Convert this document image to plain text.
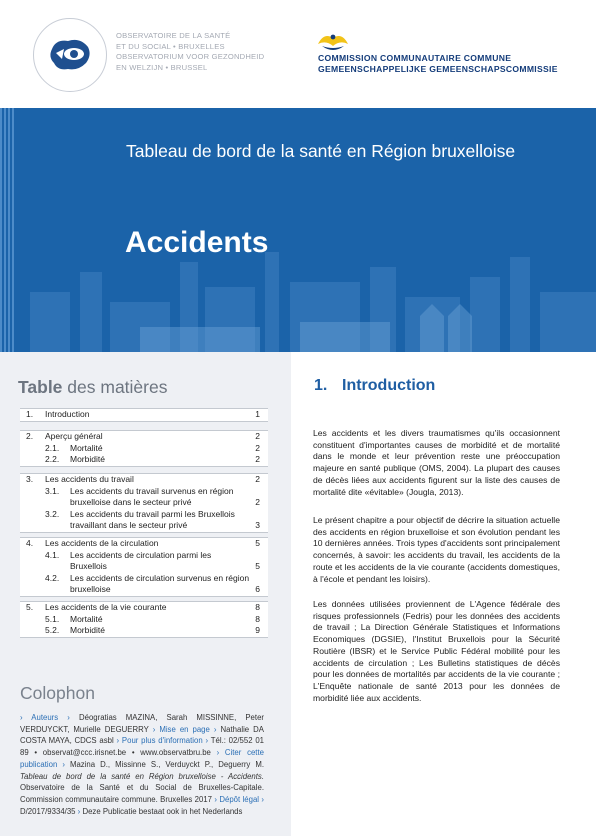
OBSERVATOIRE DE LA SANTÉ
ET DU SOCIAL • BRUXELLES
OBSERVATORIUM VOOR GEZONDHEID
EN WELZIJN • BRUSSEL
COMMISSION COMMUNAUTAIRE COMMUNE
GEMEENSCHAPPELIJKE GEMEENSCHAPSCOMMISSIE
Tableau de bord de la santé en Région bruxelloise
Accidents
Table des matières
1.	Introduction	1
2.	Aperçu général	2
2.1.	Mortalité	2
2.2.	Morbidité	2
3.	Les accidents du travail	2
3.1.	Les accidents du travail survenus en région bruxelloise dans le secteur privé	2
3.2.	Les accidents du travail parmi les Bruxellois travaillant dans le secteur privé	3
4.	Les accidents de la circulation	5
4.1.	Les accidents de circulation parmi les Bruxellois	5
4.2.	Les accidents de circulation survenus en région bruxelloise	6
5.	Les accidents de la vie courante	8
5.1.	Mortalité	8
5.2.	Morbidité	9
Colophon
› Auteurs › Déogratias MAZINA, Sarah MISSINNE, Peter VERDUYCKT, Murielle DEGUERRY › Mise en page › Nathalie DA COSTA MAYA, CDCS asbl › Pour plus d'information › Tél.: 02/552 01 89 • observat@ccc.irisnet.be • www.observatbru.be › Citer cette publication › Mazina D., Missinne S., Verduyckt P., Deguerry M. Tableau de bord de la santé en Région bruxelloise - Accidents. Observatoire de la Santé et du Social de Bruxelles-Capitale. Commission communautaire commune. Bruxelles 2017 › Dépôt légal › D/2017/9334/35 › Deze Publicatie bestaat ook in het Nederlands
1. Introduction
Les accidents et les divers traumatismes qu'ils occasionnent constituent d'importantes causes de morbidité et de mortalité dans le monde et leur prévention reste une préoccupation majeure en santé publique (OMS, 2004). La plupart des causes de décès liées aux accidents figurent sur la liste des causes de mortalité dite «évitable» (Jougla, 2013).
Le présent chapitre a pour objectif de décrire la situation actuelle des accidents en région bruxelloise et son évolution pendant les 10 dernières années. Trois types d'accidents sont principalement concernés, à savoir: les accidents du travail, les accidents de la route et les accidents de la vie courante (accidents domestiques, à l'école et pendant les loisirs).
Les données utilisées proviennent de L'Agence fédérale des risques professionnels (Fedris) pour les données des accidents de travail ; La Direction Générale Statistiques et Informations Economiques (DGSIE), l'Institut Bruxellois pour la Sécurité Routière (IBSR) et le Service Public Fédéral mobilité pour les accidents de circulation ; Les Bulletins statistiques de décès pour les données de mortalités par accidents de la vie courante ; L'Enquête nationale de santé 2013 pour les données de morbidité liée aux accidents.
